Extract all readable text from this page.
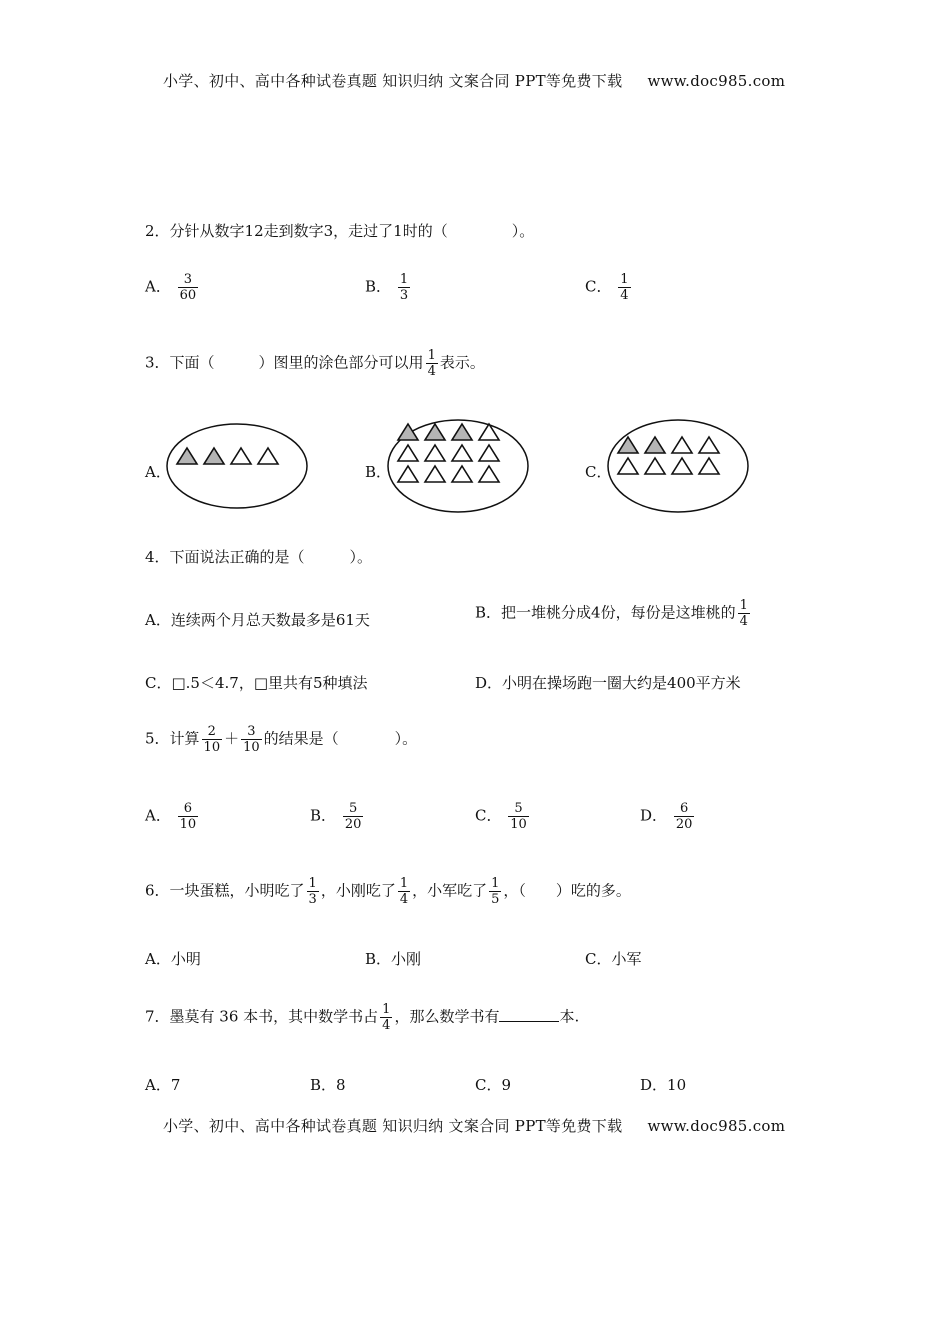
小学、初中、高中各种试卷真题 知识归纳 文案合同 PPT等免费下载 www.doc985.com
2．分针从数字12走到数字3，走过了1时的（	）。
A． $\frac{3}{60}$	B． $\frac{1}{3}$	C． $\frac{1}{4}$
3．下面（	）图里的涂色部分可以用 $\frac{1}{4}$ 表示。
A．	B．	C．
4．下面说法正确的是（　　　）。
A．连续两个月总天数最多是61天	B．把一堆桃分成4份，每份是这堆桃的 $\frac{1}{4}$
C．□.5＜4.7，□里共有5种填法	D．小明在操场跑一圈大约是400平方米
5．计算 $\frac{2}{10} + \frac{3}{10}$ 的结果是（	）。
A． $\frac{6}{10}$	B． $\frac{5}{20}$	C． $\frac{5}{10}$	D． $\frac{6}{20}$
6．一块蛋糕，小明吃了 $\frac{1}{3}$ ，小刚吃了 $\frac{1}{4}$ ，小军吃了 $\frac{1}{5}$ ，（　　）吃的多。
A．小明	B．小刚	C．小军
7．墨莫有 36 本书，其中数学书占 $\frac{1}{4}$ ，那么数学书有	本.
A．7	B．8	C．9	D．10
小学、初中、高中各种试卷真题 知识归纳 文案合同 PPT等免费下载 www.doc985.com
